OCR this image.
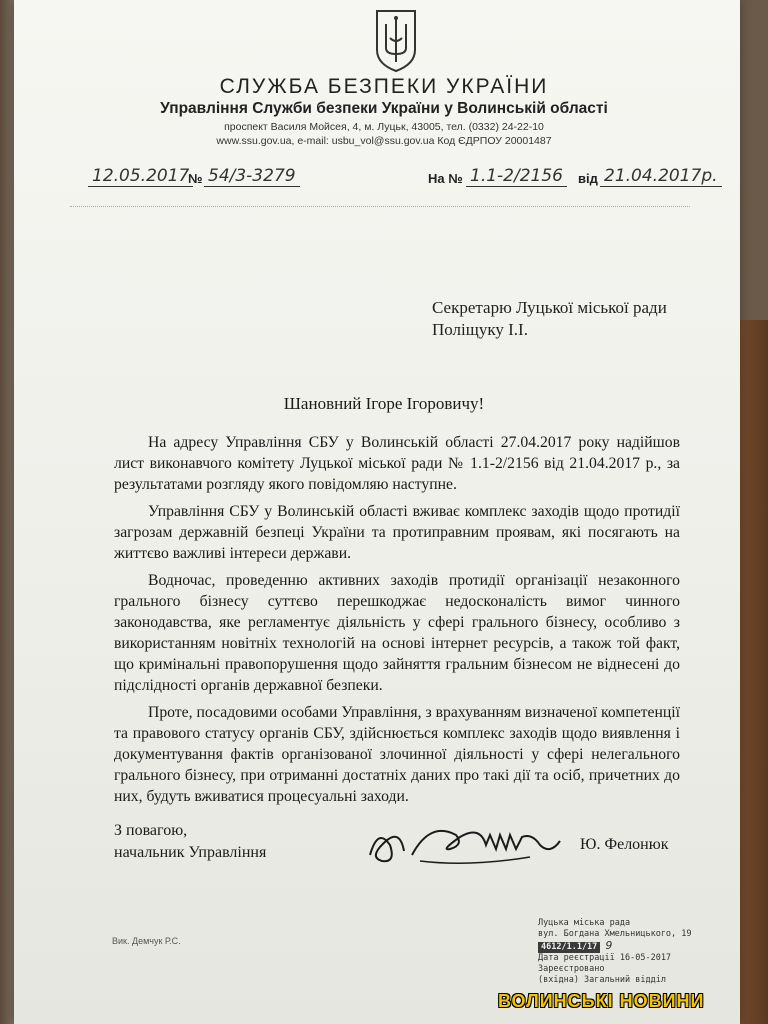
СЛУЖБА БЕЗПЕКИ УКРАЇНИ
Управління Служби безпеки України у Волинській області
проспект Василя Мойсея, 4, м. Луцьк, 43005, тел. (0332) 24-22-10
www.ssu.gov.ua, e-mail: usbu_vol@ssu.gov.ua Код ЄДРПОУ 20001487
12.05.2017
№ 54/3-3279	На № 1.1-2/2156	від 21.04.2017р.
Секретарю Луцької міської ради
Поліщуку І.І.
Шановний Ігоре Ігоровичу!

На адресу Управління СБУ у Волинській області 27.04.2017 року надійшов лист виконавчого комітету Луцької міської ради № 1.1-2/2156 від 21.04.2017 р., за результатами розгляду якого повідомляю наступне.

Управління СБУ у Волинській області вживає комплекс заходів щодо протидії загрозам державній безпеці України та протиправним проявам, які посягають на життєво важливі інтереси держави.

Водночас, проведенню активних заходів протидії організації незаконного грального бізнесу суттєво перешкоджає недосконалість вимог чинного законодавства, яке регламентує діяльність у сфері грального бізнесу, особливо з використанням новітніх технологій на основі інтернет ресурсів, а також той факт, що кримінальні правопорушення щодо зайняття гральним бізнесом не віднесені до підслідності органів державної безпеки.

Проте, посадовими особами Управління, з врахуванням визначеної компетенції та правового статусу органів СБУ, здійснюється комплекс заходів щодо виявлення і документування фактів організованої злочинної діяльності у сфері нелегального грального бізнесу, при отриманні достатніх даних про такі дії та осіб, причетних до них, будуть вживатися процесуальні заходи.

З повагою,
начальник Управління	Ю. Фелонюк
Вик. Демчук Р.С.
Луцька міська рада
вул. Богдана Хмельницького, 19
4612/1.1/17 9
Дата реєстрації 16-05-2017
Зареєстровано
(вхідна) Загальний відділ
ВОЛИНСЬКІ НОВИНИ
